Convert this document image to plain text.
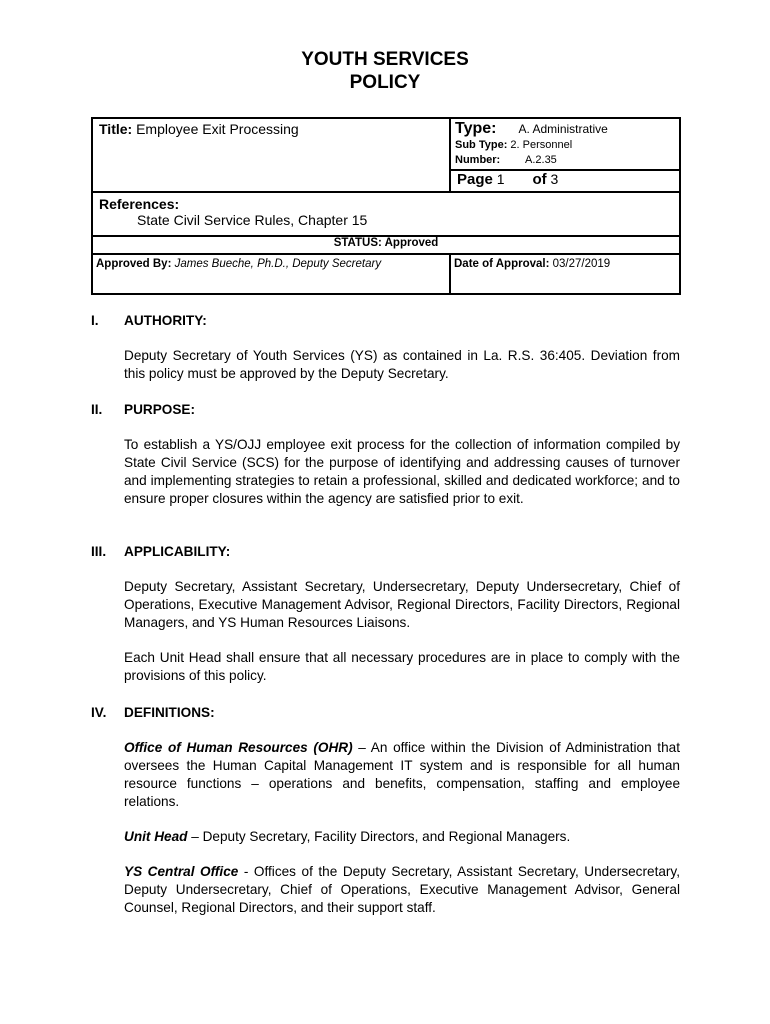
YOUTH SERVICES
POLICY
Title: Employee Exit Processing	Type: A. Administrative
Sub Type: 2. Personnel
Number: A.2.35

	Page 1 of 3

References:
State Civil Service Rules, Chapter 15	

STATUS: Approved	
Approved By: James Bueche, Ph.D., Deputy Secretary	Date of Approval: 03/27/2019
I. AUTHORITY:
Deputy Secretary of Youth Services (YS) as contained in La. R.S. 36:405. Deviation from this policy must be approved by the Deputy Secretary.
II. PURPOSE:
To establish a YS/OJJ employee exit process for the collection of information compiled by State Civil Service (SCS) for the purpose of identifying and addressing causes of turnover and implementing strategies to retain a professional, skilled and dedicated workforce; and to ensure proper closures within the agency are satisfied prior to exit.
III. APPLICABILITY:
Deputy Secretary, Assistant Secretary, Undersecretary, Deputy Undersecretary, Chief of Operations, Executive Management Advisor, Regional Directors, Facility Directors, Regional Managers, and YS Human Resources Liaisons.
Each Unit Head shall ensure that all necessary procedures are in place to comply with the provisions of this policy.
IV. DEFINITIONS:
Office of Human Resources (OHR) – An office within the Division of Administration that oversees the Human Capital Management IT system and is responsible for all human resource functions – operations and benefits, compensation, staffing and employee relations.
Unit Head – Deputy Secretary, Facility Directors, and Regional Managers.
YS Central Office - Offices of the Deputy Secretary, Assistant Secretary, Undersecretary, Deputy Undersecretary, Chief of Operations, Executive Management Advisor, General Counsel, Regional Directors, and their support staff.
